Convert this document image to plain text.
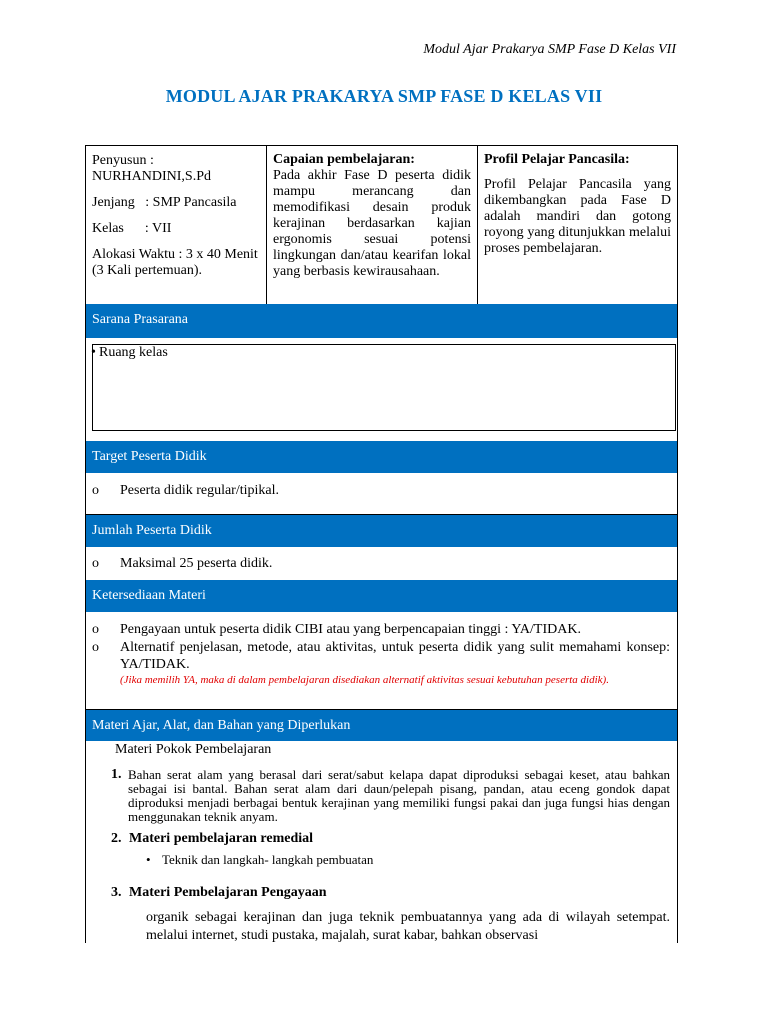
Modul Ajar Prakarya SMP Fase D Kelas VII
MODUL AJAR PRAKARYA SMP FASE D KELAS VII
Penyusun :
NURHANDINI,S.Pd

Jenjang   : SMP Pancasila

Kelas      : VII

Alokasi Waktu : 3 x 40 Menit (3 Kali pertemuan).

Capaian pembelajaran:
Pada akhir Fase D peserta didik mampu merancang dan memodifikasi desain produk kerajinan berdasarkan kajian ergonomis sesuai potensi lingkungan dan/atau kearifan lokal yang berbasis kewirausahaan.
Profil Pelajar Pancasila:
Profil Pelajar Pancasila yang dikembangkan pada Fase D adalah mandiri dan gotong royong yang ditunjukkan melalui proses pembelajaran.
Sarana Prasarana
• Ruang kelas
Target Peserta Didik
o	Peserta didik regular/tipikal.
Jumlah Peserta Didik
o	Maksimal 25 peserta didik.
Ketersediaan Materi
o	Pengayaan untuk peserta didik CIBI atau yang berpencapaian tinggi : YA/TIDAK.
o	Alternatif penjelasan, metode, atau aktivitas, untuk peserta didik yang sulit memahami konsep: YA/TIDAK.
(Jika memilih YA, maka di dalam pembelajaran disediakan alternatif aktivitas sesuai kebutuhan peserta didik).
Materi Ajar, Alat, dan Bahan yang Diperlukan
Materi Pokok Pembelajaran
1. Bahan serat alam yang berasal dari serat/sabut kelapa dapat diproduksi sebagai keset, atau bahkan sebagai isi bantal. Bahan serat alam dari daun/pelepah pisang, pandan, atau eceng gondok dapat diproduksi menjadi berbagai bentuk kerajinan yang memiliki fungsi pakai dan juga fungsi hias dengan menggunakan teknik anyam.
2. Materi pembelajaran remedial
• Teknik dan langkah- langkah pembuatan
3. Materi Pembelajaran Pengayaan
organik sebagai kerajinan dan juga teknik pembuatannya yang ada di wilayah setempat. melalui internet, studi pustaka, majalah, surat kabar, bahkan observasi
